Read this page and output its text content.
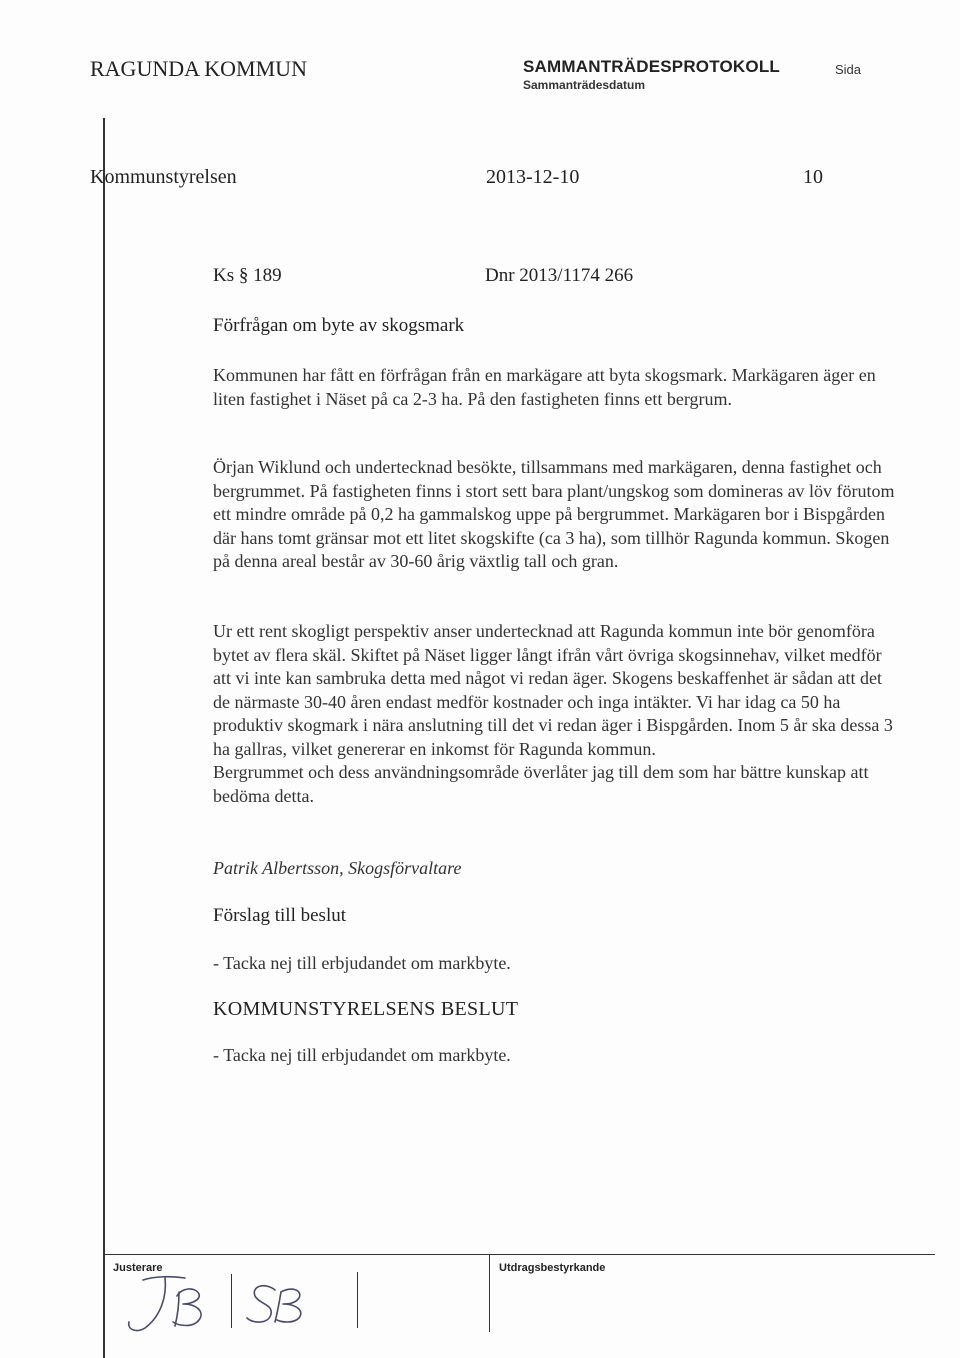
RAGUNDA KOMMUN	SAMMANTRÄDESPROTOKOLL
Sammanträdesdatum
Sida
Kommunstyrelsen	2013-12-10	10
Ks § 189	Dnr 2013/1174 266
Förfrågan om byte av skogsmark
Kommunen har fått en förfrågan från en markägare att byta skogsmark. Markägaren äger en liten fastighet i Näset på ca 2-3 ha. På den fastigheten finns ett bergrum.
Örjan Wiklund och undertecknad besökte, tillsammans med markägaren, denna fastighet och bergrummet. På fastigheten finns i stort sett bara plant/ungskog som domineras av löv förutom ett mindre område på 0,2 ha gammalskog uppe på bergrummet. Markägaren bor i Bispgården där hans tomt gränsar mot ett litet skogskifte (ca 3 ha), som tillhör Ragunda kommun. Skogen på denna areal består av 30-60 årig växtlig tall och gran.
Ur ett rent skogligt perspektiv anser undertecknad att Ragunda kommun inte bör genomföra bytet av flera skäl. Skiftet på Näset ligger långt ifrån vårt övriga skogsinnehav, vilket medför att vi inte kan sambruka detta med något vi redan äger. Skogens beskaffenhet är sådan att det de närmaste 30-40 åren endast medför kostnader och inga intäkter. Vi har idag ca 50 ha produktiv skogmark i nära anslutning till det vi redan äger i Bispgården. Inom 5 år ska dessa 3 ha gallras, vilket genererar en inkomst för Ragunda kommun.
Bergrummet och dess användningsområde överlåter jag till dem som har bättre kunskap att bedöma detta.
Patrik Albertsson, Skogsförvaltare
Förslag till beslut
- Tacka nej till erbjudandet om markbyte.
KOMMUNSTYRELSENS BESLUT
- Tacka nej till erbjudandet om markbyte.
Justerare	Utdragsbestyrkande
